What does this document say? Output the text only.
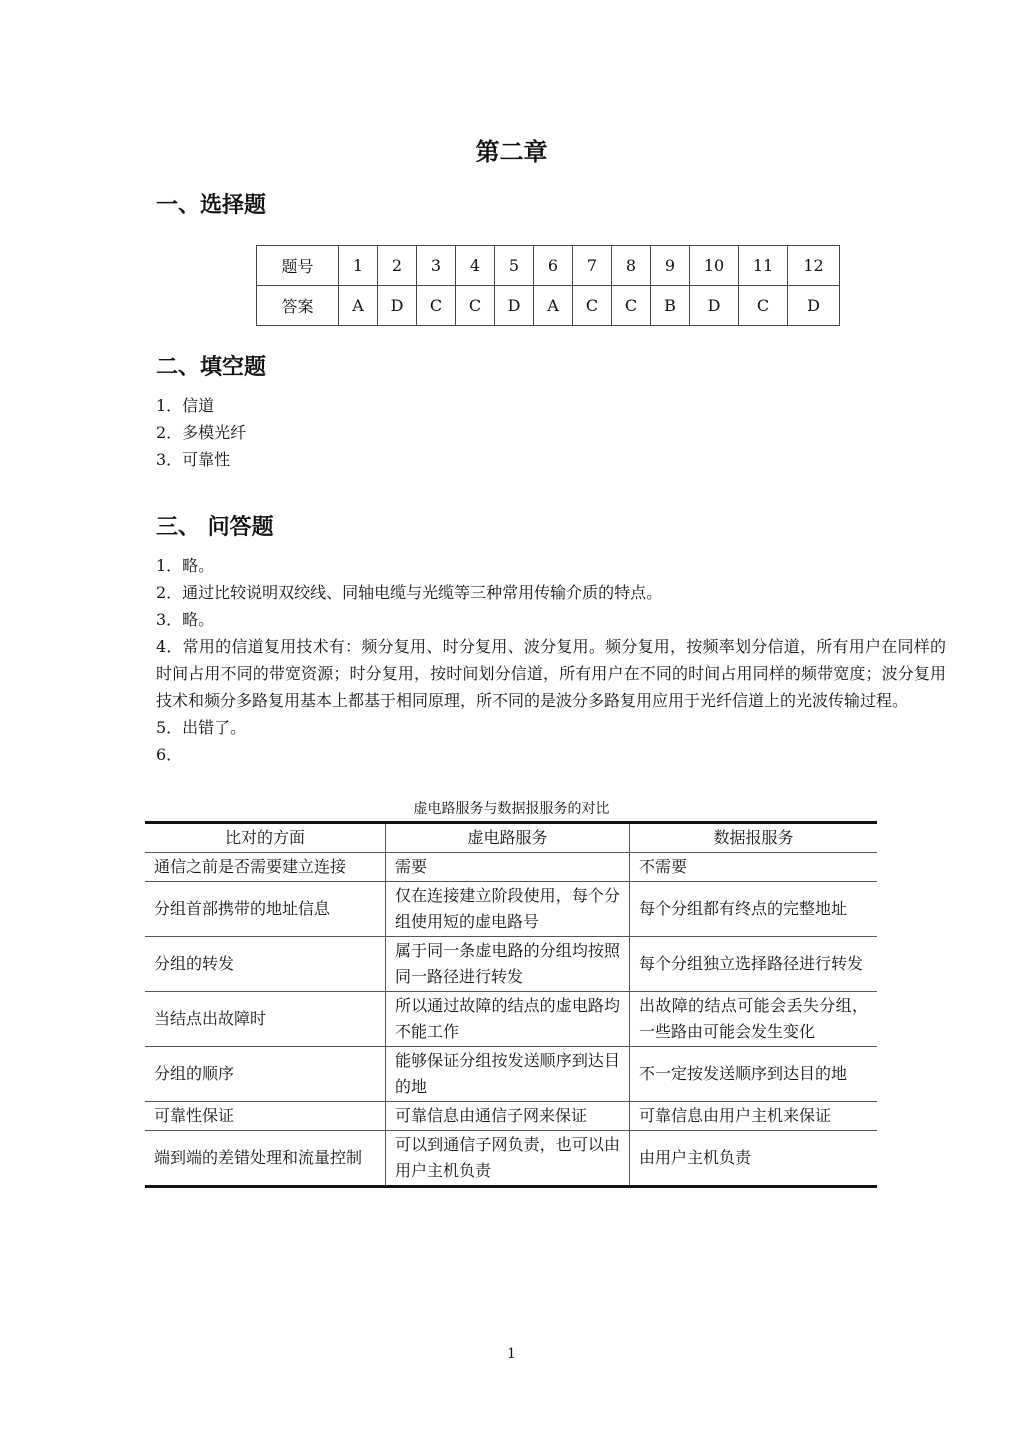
第二章
一、选择题
题号	1	2	3	4	5	6	7	8	9	10	11	12
答案	A	D	C	C	D	A	C	C	B	D	C	D
二、填空题
1．信道
2．多模光纤
3．可靠性
三、 问答题

1．略。

2．通过比较说明双绞线、同轴电缆与光缆等三种常用传输介质的特点。

3．略。

4．常用的信道复用技术有：频分复用、时分复用、波分复用。频分复用，按频率划分信道，所有用户在同样的时间占用不同的带宽资源；时分复用，按时间划分信道，所有用户在不同的时间占用同样的频带宽度；波分复用技术和频分多路复用基本上都基于相同原理，所不同的是波分多路复用应用于光纤信道上的光波传输过程。

5．出错了。

6．

虚电路服务与数据报服务的对比
比对的方面	虚电路服务	数据报服务
通信之前是否需要建立连接	需要	不需要
分组首部携带的地址信息	仅在连接建立阶段使用，每个分组使用短的虚电路号	每个分组都有终点的完整地址
分组的转发	属于同一条虚电路的分组均按照同一路径进行转发	每个分组独立选择路径进行转发
当结点出故障时	所以通过故障的结点的虚电路均不能工作	出故障的结点可能会丢失分组，一些路由可能会发生变化
分组的顺序	能够保证分组按发送顺序到达目的地	不一定按发送顺序到达目的地
可靠性保证	可靠信息由通信子网来保证	可靠信息由用户主机来保证
端到端的差错处理和流量控制	可以到通信子网负责，也可以由用户主机负责	由用户主机负责
1
